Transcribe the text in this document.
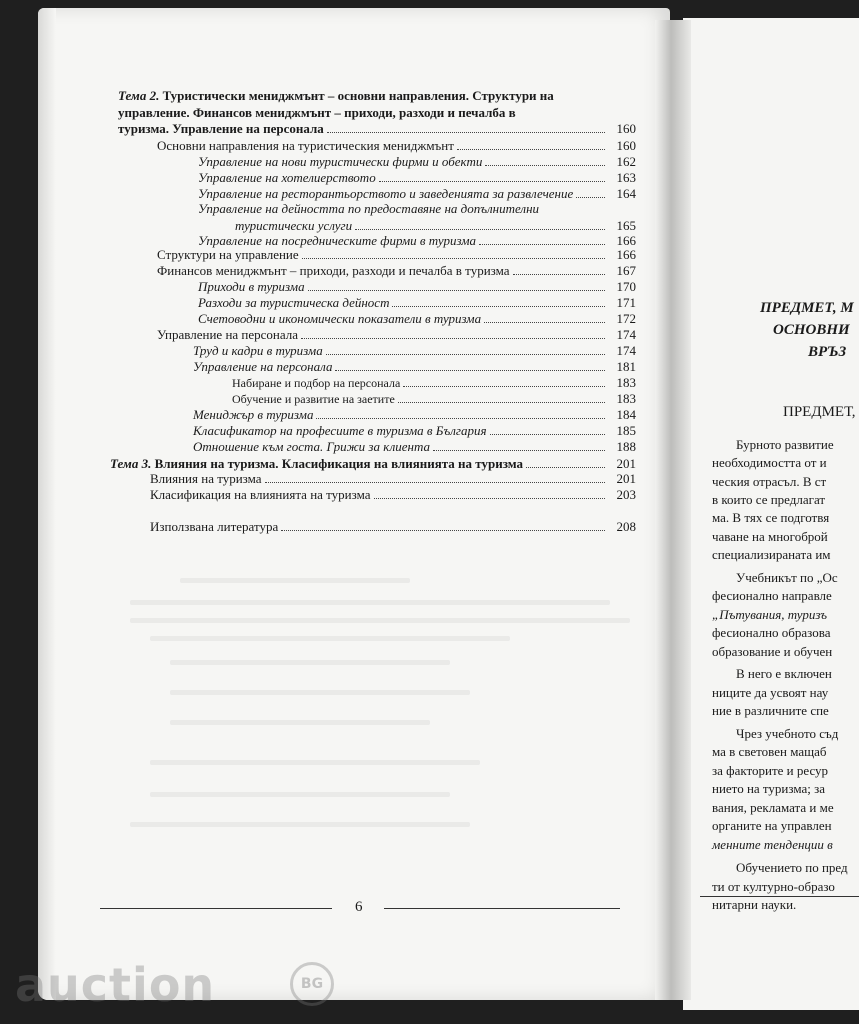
Тема 2. Туристически мениджмънт – основни направления. Структури на
управление. Финансов мениджмънт – приходи, разходи и печалба в
туризма. Управление на персонала	160
Основни направления на туристическия мениджмънт	160
Управление на нови туристически фирми и обекти	162
Управление на хотелиерството	163
Управление на ресторантьорството и заведенията за развлечение	164
Управление на дейността по предоставяне на допълнителни
туристически услуги	165
Управление на посредническите фирми в туризма	166
Структури на управление	166
Финансов мениджмънт – приходи, разходи и печалба в туризма	167
Приходи в туризма	170
Разходи за туристическа дейност	171
Счетоводни и икономически показатели в туризма	172
Управление на персонала	174
Труд и кадри в туризма	174
Управление на персонала	181
Набиране и подбор на персонала	183
Обучение и развитие на заетите	183
Мениджър в туризма	184
Класификатор на професиите в туризма в България	185
Отношение към госта. Грижи за клиента	188
Тема 3. Влияния на туризма. Класификация на влиянията на туризма	201
Влияния на туризма	201
Класификация на влиянията на туризма	203
Използвана литература	208
6
ПРЕДМЕТ, М
ОСНОВНИ
ВРЪЗ
ПРЕДМЕТ,
Бурното развитие
необходимостта от и
ческия отрасъл. В ст
в които се предлагат
ма. В тях се подготвя
чаване на многоброй
специализираната им
Учебникът по „Ос
фесионално направле
„Пътувания, туризъ
фесионално образова
образование и обучен
В него е включен
ниците да усвоят нау
ние в различните спе
Чрез учебното съд
ма в световен мащаб
за факторите и ресур
нието на туризма; за
вания, рекламата и ме
органите на управлен
менните тенденции в
Обучението по пред
ти от културно-образо
нитарни науки.
auction	BG
